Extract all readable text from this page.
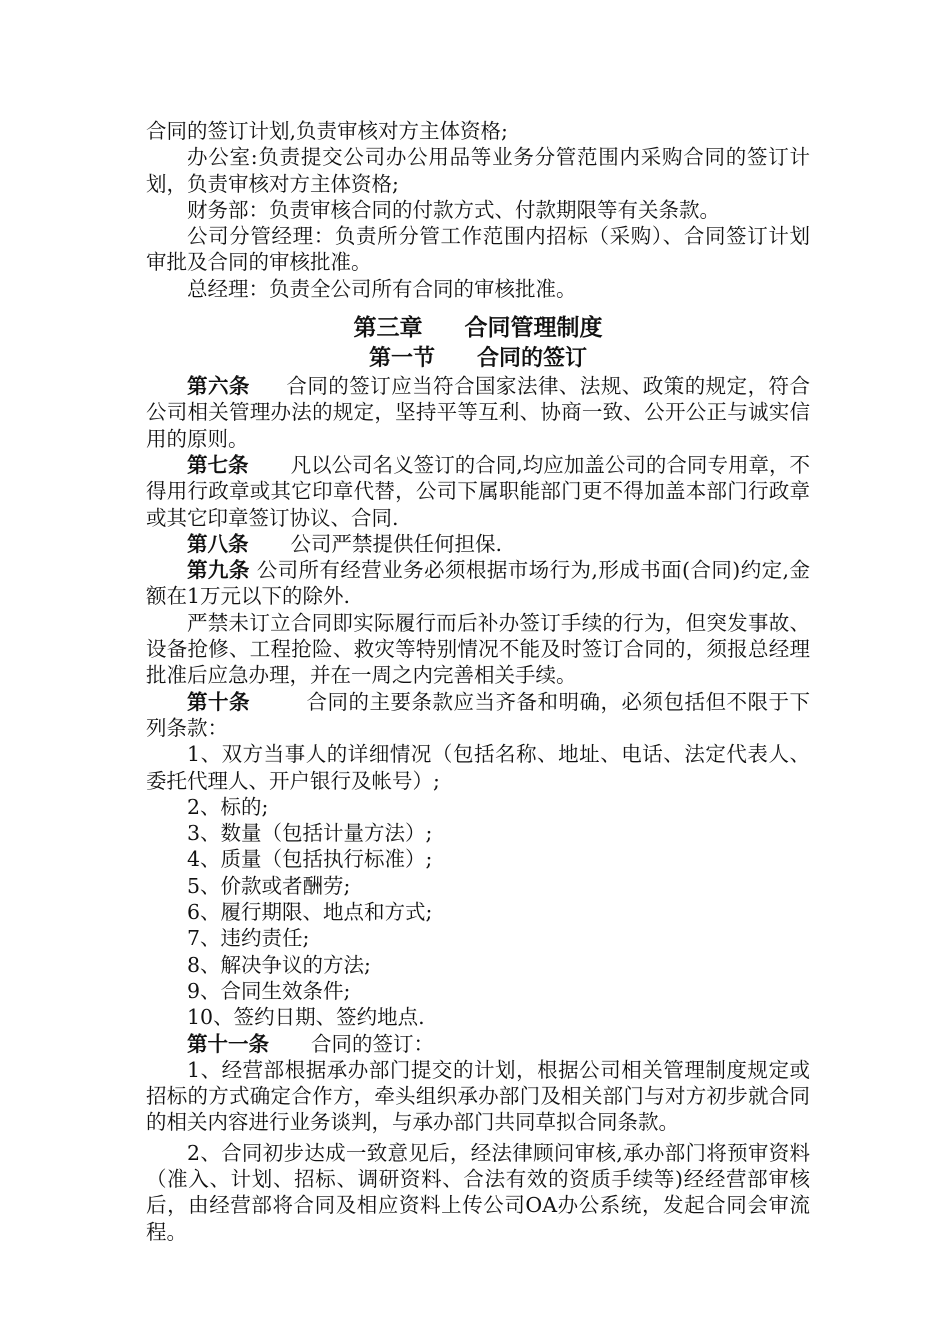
合同的签订计划,负责审核对方主体资格;

办公室:负责提交公司办公用品等业务分管范围内采购合同的签订计划，负责审核对方主体资格;

财务部：负责审核合同的付款方式、付款期限等有关条款。

公司分管经理：负责所分管工作范围内招标（采购）、合同签订计划审批及合同的审核批准。

总经理：负责全公司所有合同的审核批准。

第三章 合同管理制度
第一节 合同的签订

第六条 合同的签订应当符合国家法律、法规、政策的规定，符合公司相关管理办法的规定，坚持平等互利、协商一致、公开公正与诚实信用的原则。

第七条 凡以公司名义签订的合同,均应加盖公司的合同专用章，不得用行政章或其它印章代替，公司下属职能部门更不得加盖本部门行政章或其它印章签订协议、合同.

第八条 公司严禁提供任何担保.

第九条 公司所有经营业务必须根据市场行为,形成书面(合同)约定,金额在1万元以下的除外.

严禁未订立合同即实际履行而后补办签订手续的行为，但突发事故、设备抢修、工程抢险、救灾等特别情况不能及时签订合同的，须报总经理批准后应急办理，并在一周之内完善相关手续。

第十条	合同的主要条款应当齐备和明确，必须包括但不限于下列条款：

1、双方当事人的详细情况（包括名称、地址、电话、法定代表人、委托代理人、开户银行及帐号）;

2、标的;

3、数量（包括计量方法）;

4、质量（包括执行标准）;

5、价款或者酬劳;

6、履行期限、地点和方式;

7、违约责任;

8、解决争议的方法;

9、合同生效条件;

10、签约日期、签约地点.

第十一条 合同的签订：

1、经营部根据承办部门提交的计划，根据公司相关管理制度规定或招标的方式确定合作方，牵头组织承办部门及相关部门与对方初步就合同的相关内容进行业务谈判，与承办部门共同草拟合同条款。

2、合同初步达成一致意见后，经法律顾问审核,承办部门将预审资料（准入、计划、招标、调研资料、合法有效的资质手续等)经经营部审核后，由经营部将合同及相应资料上传公司OA办公系统，发起合同会审流程。
